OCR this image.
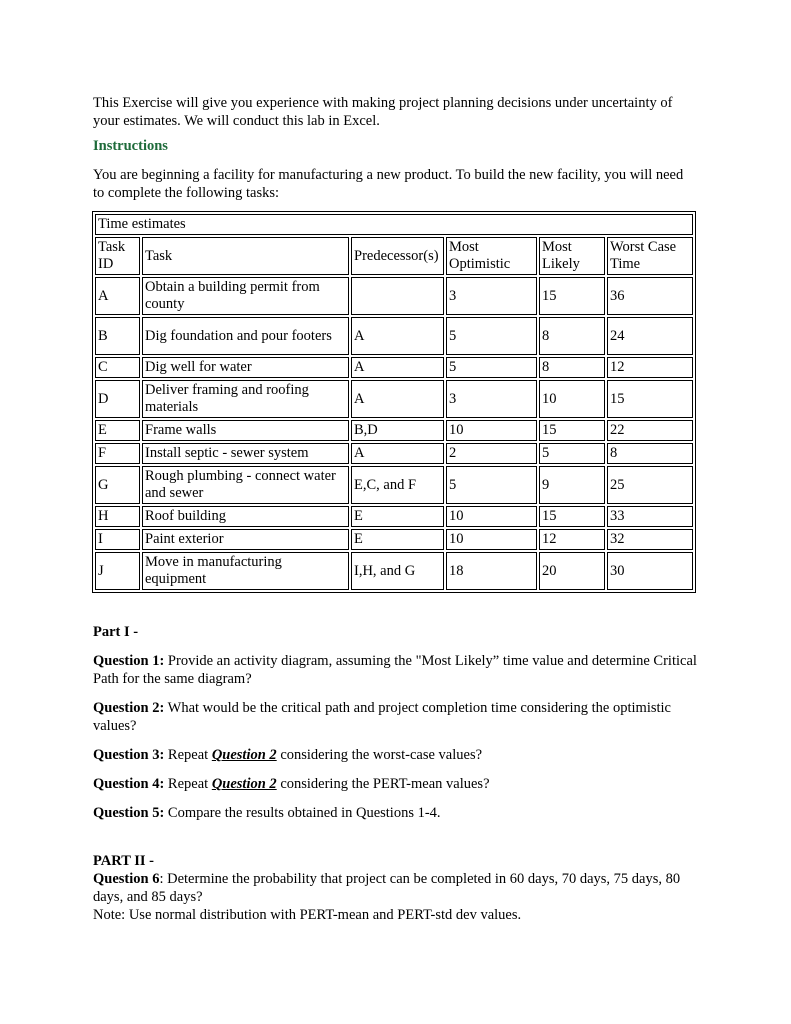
This Exercise will give you experience with making project planning decisions under uncertainty of your estimates. We will conduct this lab in Excel.

Instructions

You are beginning a facility for manufacturing a new product. To build the new facility, you will need to complete the following tasks:

Time estimates					
Task ID	Task	Predecessor(s)	Most Optimistic	Most Likely	Worst Case Time
A	Obtain a building permit from county		3	15	36
B	Dig foundation and pour footers	A	5	8	24
C	Dig well for water	A	5	8	12
D	Deliver framing and roofing materials	A	3	10	15
E	Frame walls	B,D	10	15	22
F	Install septic - sewer system	A	2	5	8
G	Rough plumbing - connect water and sewer	E,C, and F	5	9	25
H	Roof building	E	10	15	33
I	Paint exterior	E	10	12	32
J	Move in manufacturing equipment	I,H, and G	18	20	30

Part I -

Question 1: Provide an activity diagram, assuming the "Most Likely” time value and determine Critical Path for the same diagram?

Question 2: What would be the critical path and project completion time considering the optimistic values?

Question 3: Repeat Question 2 considering the worst-case values?

Question 4: Repeat Question 2 considering the PERT-mean values?

Question 5: Compare the results obtained in Questions 1-4.

PART II -

Question 6: Determine the probability that project can be completed in 60 days, 70 days, 75 days, 80 days, and 85 days?

Note: Use normal distribution with PERT-mean and PERT-std dev values.
